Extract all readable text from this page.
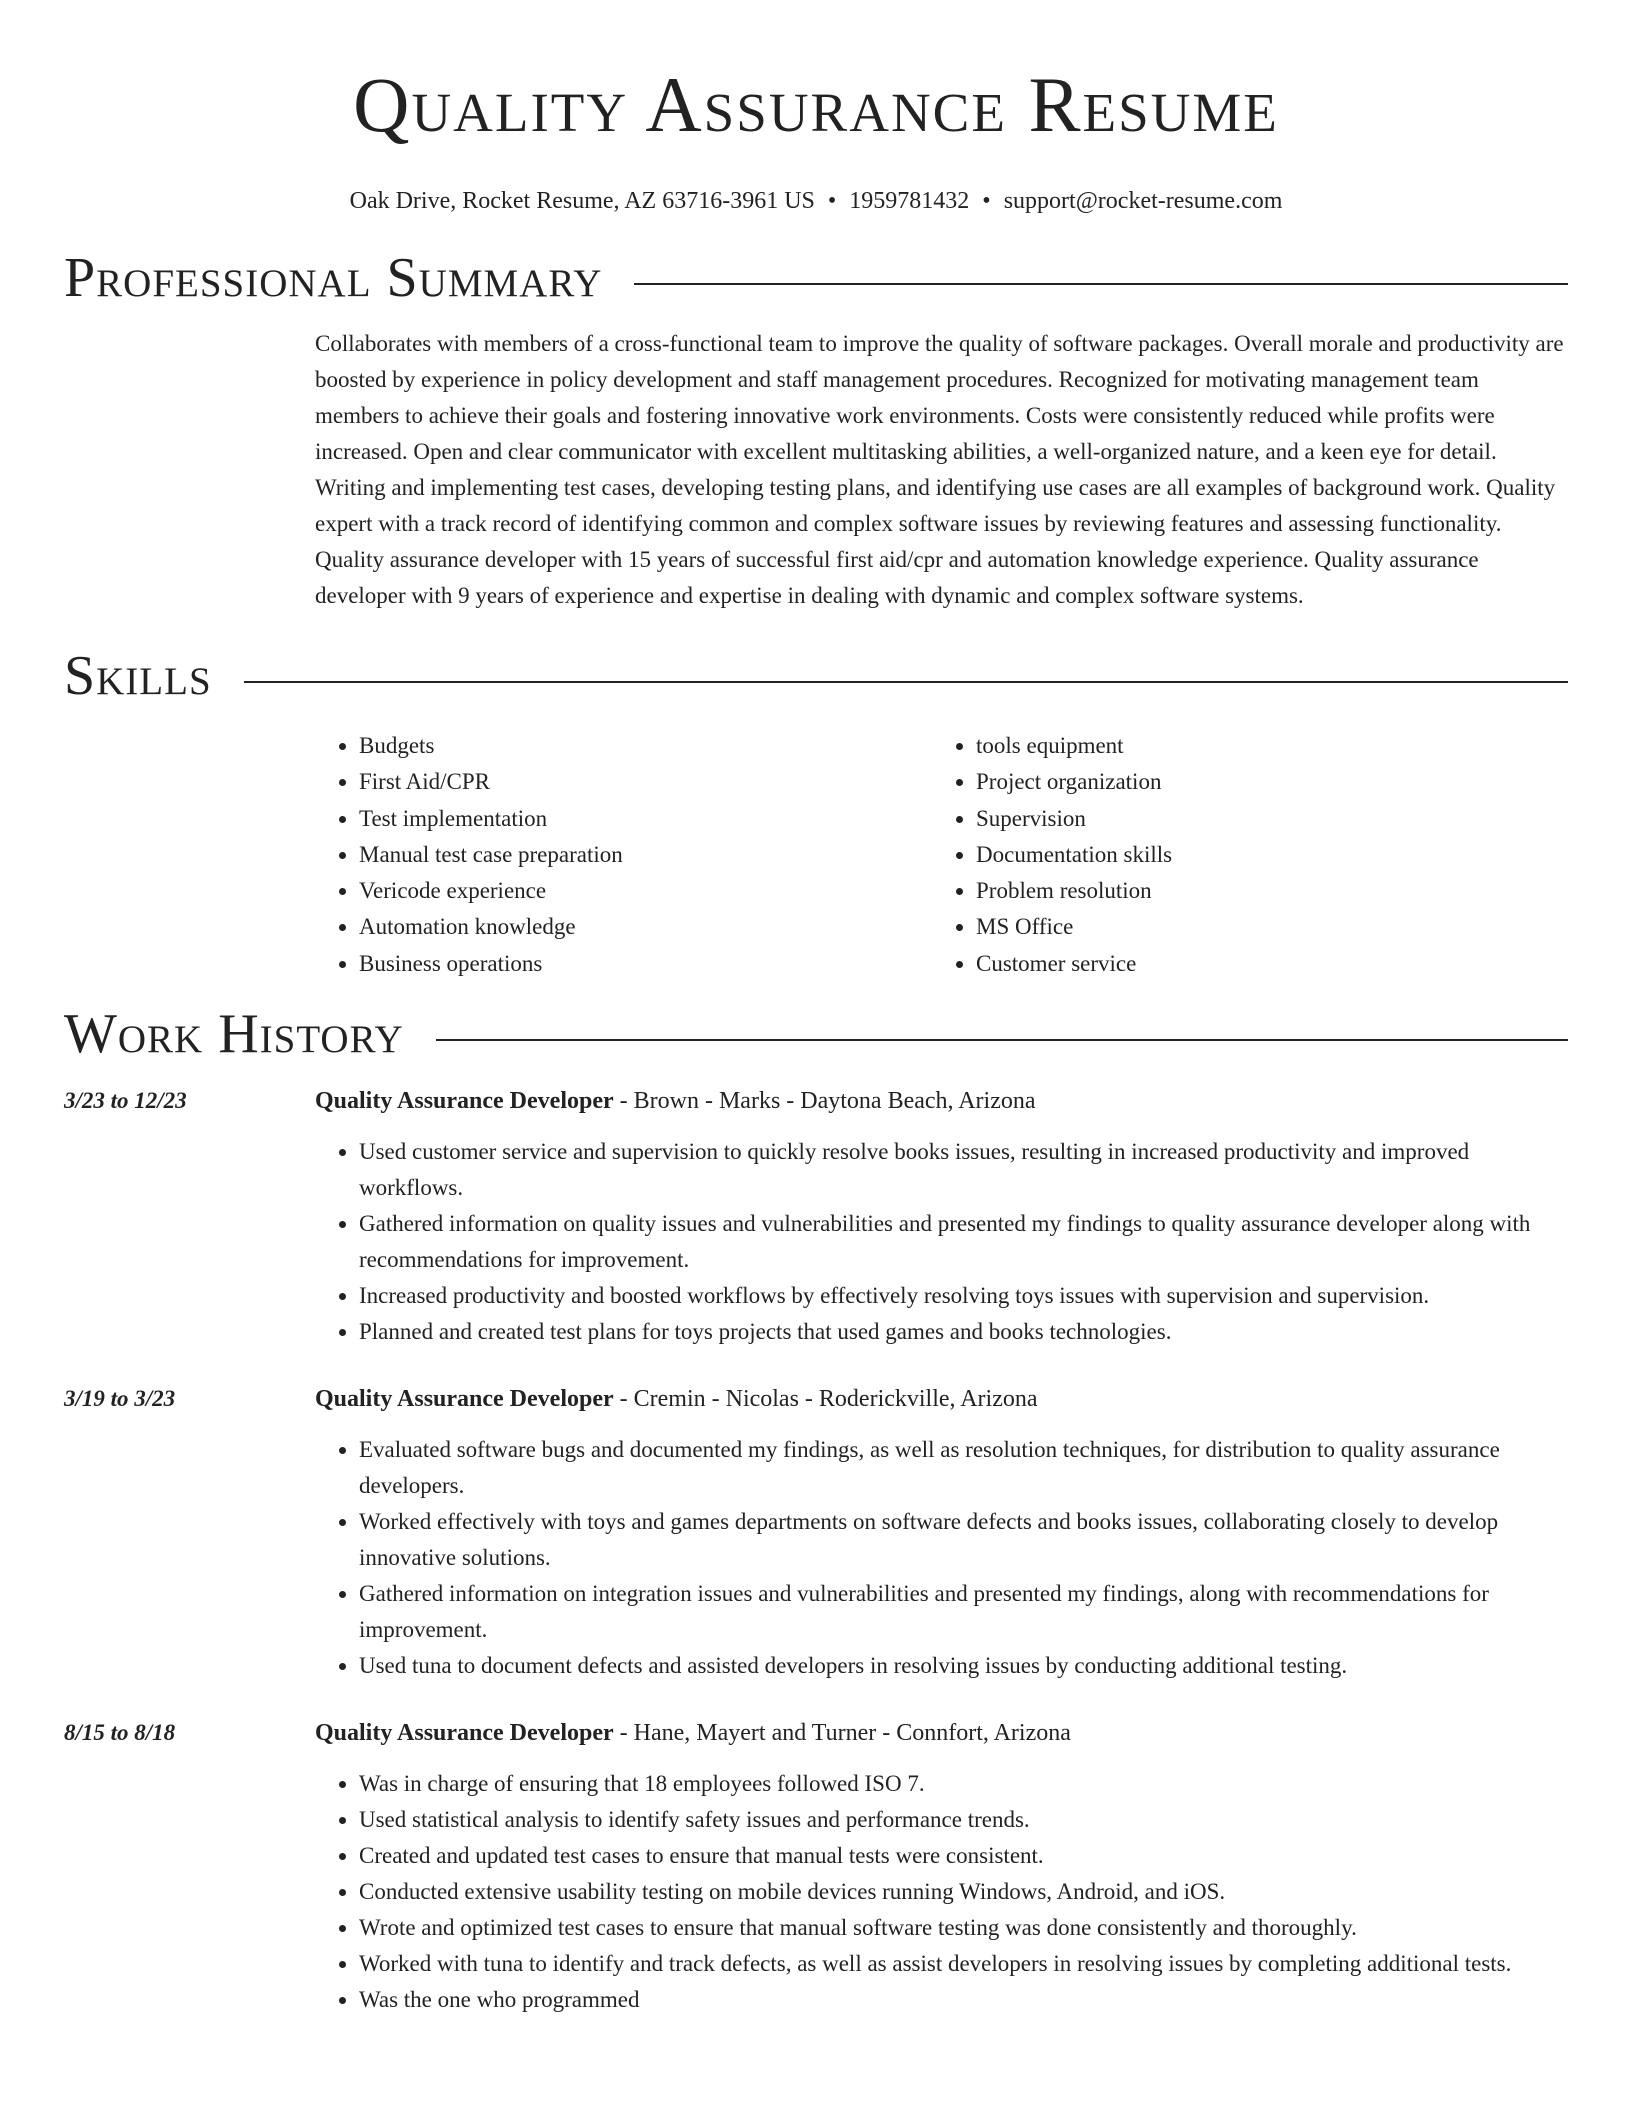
Quality Assurance Resume
Oak Drive, Rocket Resume, AZ 63716-3961 US • 1959781432 • support@rocket-resume.com
Professional Summary

Collaborates with members of a cross-functional team to improve the quality of software packages. Overall morale and productivity are boosted by experience in policy development and staff management procedures. Recognized for motivating management team members to achieve their goals and fostering innovative work environments. Costs were consistently reduced while profits were increased. Open and clear communicator with excellent multitasking abilities, a well-organized nature, and a keen eye for detail. Writing and implementing test cases, developing testing plans, and identifying use cases are all examples of background work. Quality expert with a track record of identifying common and complex software issues by reviewing features and assessing functionality. Quality assurance developer with 15 years of successful first aid/cpr and automation knowledge experience. Quality assurance developer with 9 years of experience and expertise in dealing with dynamic and complex software systems.

Skills
• Budgets
• First Aid/CPR
• Test implementation
• Manual test case preparation
• Vericode experience
• Automation knowledge
• Business operations
• tools equipment
• Project organization
• Supervision
• Documentation skills
• Problem resolution
• MS Office
• Customer service
Work History
3/23 to 12/23	Quality Assurance Developer - Brown - Marks - Daytona Beach, Arizona
• Used customer service and supervision to quickly resolve books issues, resulting in increased productivity and improved workflows.
• Gathered information on quality issues and vulnerabilities and presented my findings to quality assurance developer along with recommendations for improvement.
• Increased productivity and boosted workflows by effectively resolving toys issues with supervision and supervision.
• Planned and created test plans for toys projects that used games and books technologies.
3/19 to 3/23	Quality Assurance Developer - Cremin - Nicolas - Roderickville, Arizona
• Evaluated software bugs and documented my findings, as well as resolution techniques, for distribution to quality assurance developers.
• Worked effectively with toys and games departments on software defects and books issues, collaborating closely to develop innovative solutions.
• Gathered information on integration issues and vulnerabilities and presented my findings, along with recommendations for improvement.
• Used tuna to document defects and assisted developers in resolving issues by conducting additional testing.
8/15 to 8/18	Quality Assurance Developer - Hane, Mayert and Turner - Connfort, Arizona
• Was in charge of ensuring that 18 employees followed ISO 7.
• Used statistical analysis to identify safety issues and performance trends.
• Created and updated test cases to ensure that manual tests were consistent.
• Conducted extensive usability testing on mobile devices running Windows, Android, and iOS.
• Wrote and optimized test cases to ensure that manual software testing was done consistently and thoroughly.
• Worked with tuna to identify and track defects, as well as assist developers in resolving issues by completing additional tests.
• Was the one who programmed
